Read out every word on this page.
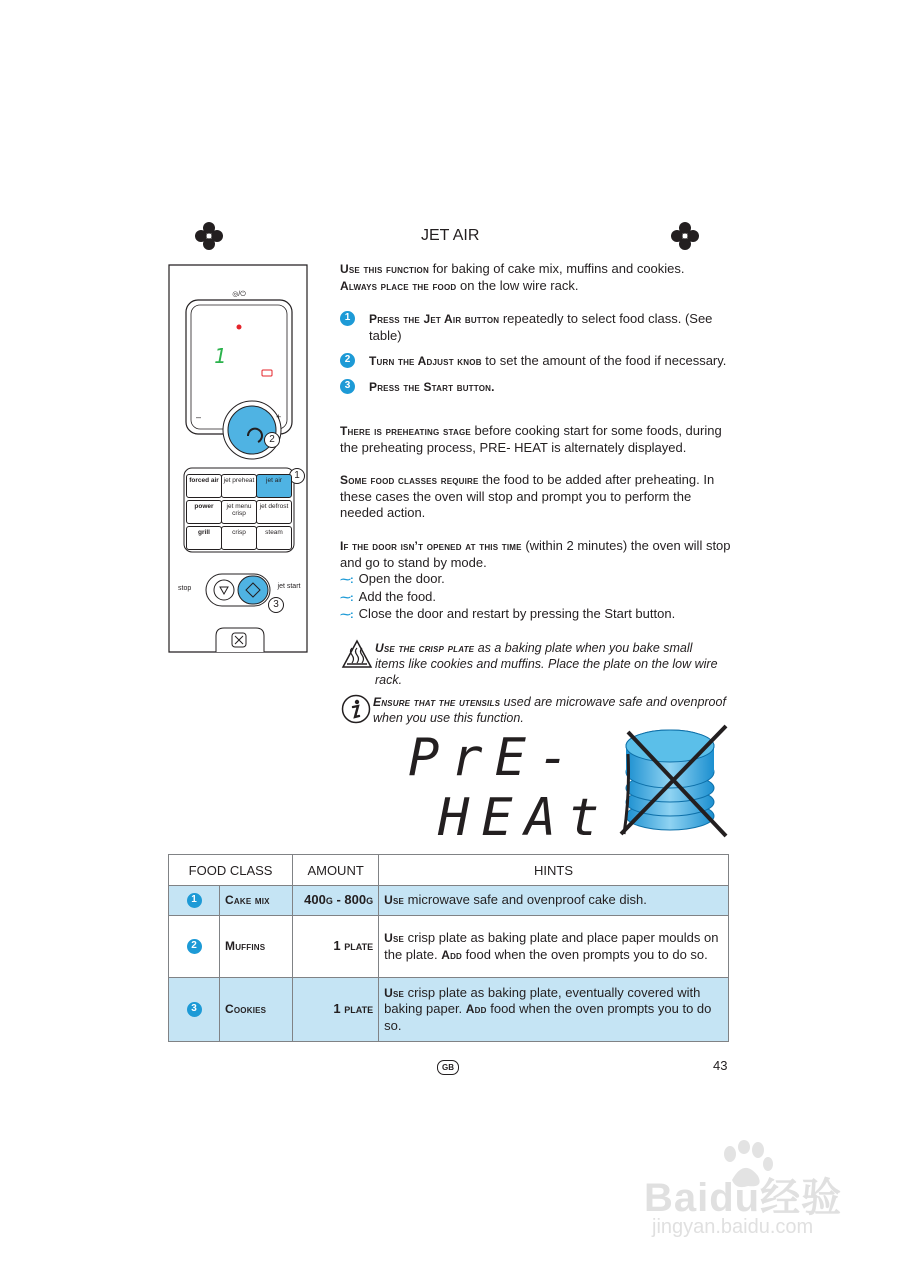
JET AIR
◎/⏻
1
–	+
2
1
3
forced air jet preheat	jet air
power	jet menu crisp
jet defrost
grill	crisp	steam
stop	jet start
Use this function for baking of cake mix, muffins and cookies.
Always place the food on the low wire rack.
1	Press the Jet Air button repeatedly to select food class. (See table)
2	Turn the Adjust knob to set the amount of the food if necessary.
3	Press the Start button.
There is preheating stage before cooking start for some foods, during the preheating process, PRE- HEAT is alternately displayed.
Some food classes require the food to be added after preheating. In these cases the oven will stop and prompt you to perform the needed action.
If the door isn’t opened at this time (within 2 minutes) the oven will stop and go to stand by mode.
⁓: Open the door.
⁓: Add the food.
⁓: Close the door and restart by pressing the Start button.
Use the crisp plate as a baking plate when you bake small items like cookies and muffins. Place the plate on the low wire rack.
Ensure that the utensils used are microwave safe and ovenproof when you use this function.
PrE-
HEAt
FOOD CLASS		AMOUNT	HINTS

1	Cake mix	400g - 800g	Use microwave safe and ovenproof cake dish.

2	Muffins	1 plate	Use crisp plate as baking plate and place paper moulds on the plate. Add food when the oven prompts you to do so.

3	Cookies	1 plate	Use crisp plate as baking plate, eventually covered with baking paper. Add food when the oven prompts you to do so.
GB	43
Baidu经验
jingyan.baidu.com
